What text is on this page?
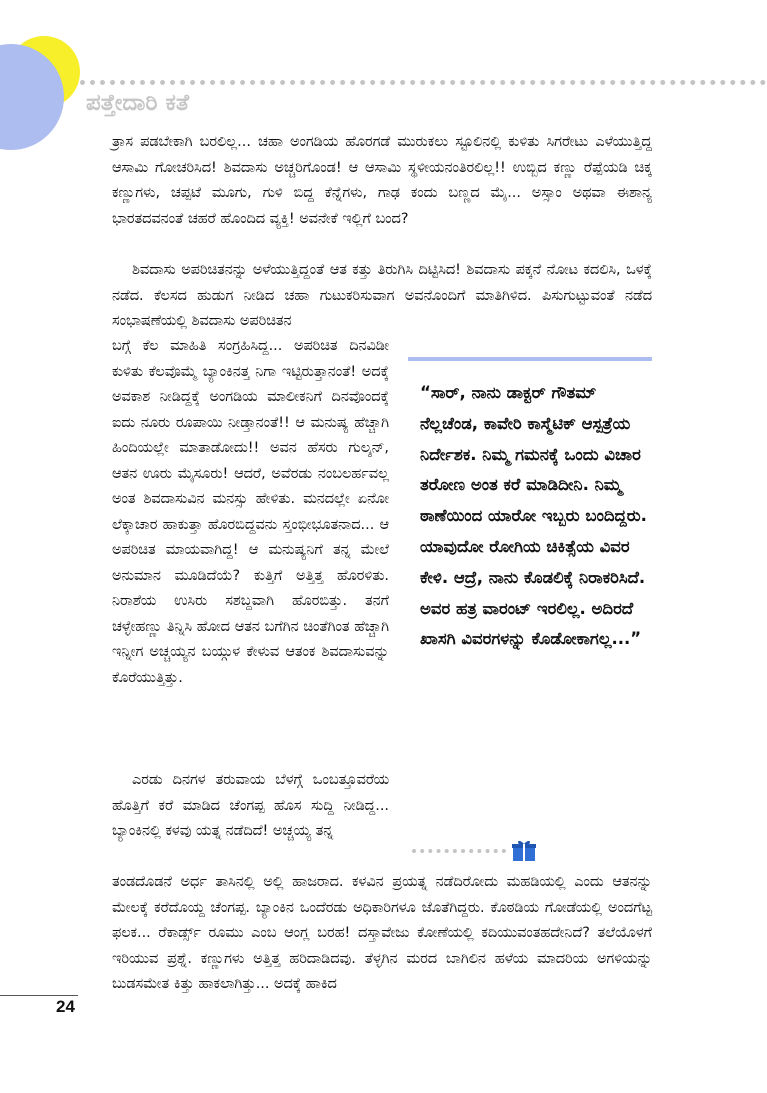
ಪತ್ತೇದಾರಿ ಕತೆ

ತ್ರಾಸ ಪಡಬೇಕಾಗಿ ಬರಲಿಲ್ಲ... ಚಹಾ ಅಂಗಡಿಯ ಹೊರಗಡೆ ಮುರುಕಲು ಸ್ಟೂಲಿನಲ್ಲಿ ಕುಳಿತು ಸಿಗರೇಟು ಎಳೆಯುತ್ತಿದ್ದ ಆಸಾಮಿ ಗೋಚರಿಸಿದ! ಶಿವದಾಸು ಅಚ್ಚರಿಗೊಂಡ! ಆ ಆಸಾಮಿ ಸ್ಥಳೀಯನಂತಿರಲಿಲ್ಲ!! ಉಬ್ಬಿದ ಕಣ್ಣು ರೆಪ್ಪೆಯಡಿ ಚಿಕ್ಕ ಕಣ್ಣುಗಳು, ಚಪ್ಪಟೆ ಮೂಗು, ಗುಳಿ ಬಿದ್ದ ಕೆನ್ನೆಗಳು, ಗಾಢ ಕಂದು ಬಣ್ಣದ ಮೈ... ಅಸ್ಸಾಂ ಅಥವಾ ಈಶಾನ್ಯ ಭಾರತದವನಂತೆ ಚಹರೆ ಹೊಂದಿದ ವ್ಯಕ್ತಿ! ಅವನೇಕೆ ಇಲ್ಲಿಗೆ ಬಂದ?

ಶಿವದಾಸು ಅಪರಿಚಿತನನ್ನು ಅಳೆಯುತ್ತಿದ್ದಂತೆ ಆತ ಕತ್ತು ತಿರುಗಿಸಿ ದಿಟ್ಟಿಸಿದ! ಶಿವದಾಸು ಪಕ್ಕನೆ ನೋಟ ಕದಲಿಸಿ, ಒಳಕ್ಕೆ ನಡೆದ. ಕೆಲಸದ ಹುಡುಗ ನೀಡಿದ ಚಹಾ ಗುಟುಕರಿಸುವಾಗ ಅವನೊಂದಿಗೆ ಮಾತಿಗಿಳಿದ. ಪಿಸುಗುಟ್ಟುವಂತೆ ನಡೆದ ಸಂಭಾಷಣೆಯಲ್ಲಿ ಶಿವದಾಸು ಅಪರಿಚಿತನ

ಬಗ್ಗೆ ಕೆಲ ಮಾಹಿತಿ ಸಂಗ್ರಹಿಸಿದ್ದ... ಅಪರಿಚಿತ ದಿನವಿಡೀ ಕುಳಿತು ಕೆಲವೊಮ್ಮೆ ಬ್ಯಾಂಕಿನತ್ತ ನಿಗಾ ಇಟ್ಟಿರುತ್ತಾನಂತೆ! ಅದಕ್ಕೆ ಅವಕಾಶ ನೀಡಿದ್ದಕ್ಕೆ ಅಂಗಡಿಯ ಮಾಲೀಕನಿಗೆ ದಿನವೊಂದಕ್ಕೆ ಐದು ನೂರು ರೂಪಾಯಿ ನೀಡ್ತಾನಂತೆ!! ಆ ಮನುಷ್ಯ ಹೆಚ್ಚಾಗಿ ಹಿಂದಿಯಲ್ಲೇ ಮಾತಾಡೋದು!! ಅವನ ಹೆಸರು ಗುಲ್ಶನ್, ಆತನ ಊರು ಮೈಸೂರು! ಆದರೆ, ಅವೆರಡು ನಂಬಲರ್ಹವಲ್ಲ ಅಂತ ಶಿವದಾಸುವಿನ ಮನಸ್ಸು ಹೇಳಿತು. ಮನದಲ್ಲೇ ಏನೋ ಲೆಕ್ಕಾಚಾರ ಹಾಕುತ್ತಾ ಹೊರಬಿದ್ದವನು ಸ್ತಂಭೀಭೂತನಾದ... ಆ ಅಪರಿಚಿತ ಮಾಯವಾಗಿದ್ದ! ಆ ಮನುಷ್ಯನಿಗೆ ತನ್ನ ಮೇಲೆ ಅನುಮಾನ ಮೂಡಿದೆಯೆ? ಕುತ್ತಿಗೆ ಅತ್ತಿತ್ತ ಹೊರಳಿತು. ನಿರಾಶೆಯ ಉಸಿರು ಸಶಬ್ದವಾಗಿ ಹೊರಬಿತ್ತು. ತನಗೆ ಚಳ್ಳೇಹಣ್ಣು ತಿನ್ನಿಸಿ ಹೋದ ಆತನ ಬಗೆಗಿನ ಚಿಂತೆಗಿಂತ ಹೆಚ್ಚಾಗಿ ಇನ್ನೀಗ ಅಚ್ಚಯ್ಯನ ಬಯ್ಗುಳ ಕೇಳುವ ಆತಂಕ ಶಿವದಾಸುವನ್ನು ಕೊರೆಯುತ್ತಿತ್ತು.

ಎರಡು ದಿನಗಳ ತರುವಾಯ ಬೆಳಗ್ಗೆ ಒಂಬತ್ತೂವರೆಯ ಹೊತ್ತಿಗೆ ಕರೆ ಮಾಡಿದ ಚೆಂಗಪ್ಪ ಹೊಸ ಸುದ್ದಿ ನೀಡಿದ್ದ... ಬ್ಯಾಂಕಿನಲ್ಲಿ ಕಳವು ಯತ್ನ ನಡೆದಿದೆ! ಅಚ್ಚಯ್ಯ ತನ್ನ

ತಂಡದೊಡನೆ ಅರ್ಧ ತಾಸಿನಲ್ಲಿ ಅಲ್ಲಿ ಹಾಜರಾದ. ಕಳವಿನ ಪ್ರಯತ್ನ ನಡೆದಿರೋದು ಮಹಡಿಯಲ್ಲಿ ಎಂದು ಆತನನ್ನು ಮೇಲಕ್ಕೆ ಕರೆದೊಯ್ದ ಚೆಂಗಪ್ಪ. ಬ್ಯಾಂಕಿನ ಒಂದೆರಡು ಅಧಿಕಾರಿಗಳೂ ಜೊತೆಗಿದ್ದರು. ಕೊಠಡಿಯ ಗೋಡೆಯಲ್ಲಿ ಅಂದಗೆಟ್ಟ ಫಲಕ... ರೆಕಾರ್ಡ್ಸ್ ರೂಮು ಎಂಬ ಆಂಗ್ಲ ಬರಹ! ದಸ್ತಾವೇಜು ಕೋಣೆಯಲ್ಲಿ ಕದಿಯುವಂತಹದೇನಿದೆ? ತಲೆಯೊಳಗೆ ಇರಿಯುವ ಪ್ರಶ್ನೆ. ಕಣ್ಣುಗಳು ಅತ್ತಿತ್ತ ಹರಿದಾಡಿದವು. ತೆಳ್ಳಗಿನ ಮರದ ಬಾಗಿಲಿನ ಹಳೆಯ ಮಾದರಿಯ ಅಗಳಿಯನ್ನು ಬುಡಸಮೇತ ಕಿತ್ತು ಹಾಕಲಾಗಿತ್ತು... ಅದಕ್ಕೆ ಹಾಕಿದ

“ಸಾರ್, ನಾನು ಡಾಕ್ಟರ್ ಗೌತಮ್ ನೆಲ್ಲಚೆಂಡ, ಕಾವೇರಿ ಕಾಸ್ಮೆಟಿಕ್ ಆಸ್ಪತ್ರೆಯ ನಿರ್ದೇಶಕ. ನಿಮ್ಮ ಗಮನಕ್ಕೆ ಒಂದು ವಿಚಾರ ತರೋಣ ಅಂತ ಕರೆ ಮಾಡಿದೀನಿ. ನಿಮ್ಮ ಠಾಣೆಯಿಂದ ಯಾರೋ ಇಬ್ಬರು ಬಂದಿದ್ದರು. ಯಾವುದೋ ರೋಗಿಯ ಚಿಕಿತ್ಸೆಯ ವಿವರ ಕೇಳಿ. ಆದ್ರೆ, ನಾನು ಕೊಡಲಿಕ್ಕೆ ನಿರಾಕರಿಸಿದೆ. ಅವರ ಹತ್ರ ವಾರಂಟ್ ಇರಲಿಲ್ಲ. ಅದಿರದೆ ಖಾಸಗಿ ವಿವರಗಳನ್ನು ಕೊಡೋಕಾಗಲ್ಲ...”

24
